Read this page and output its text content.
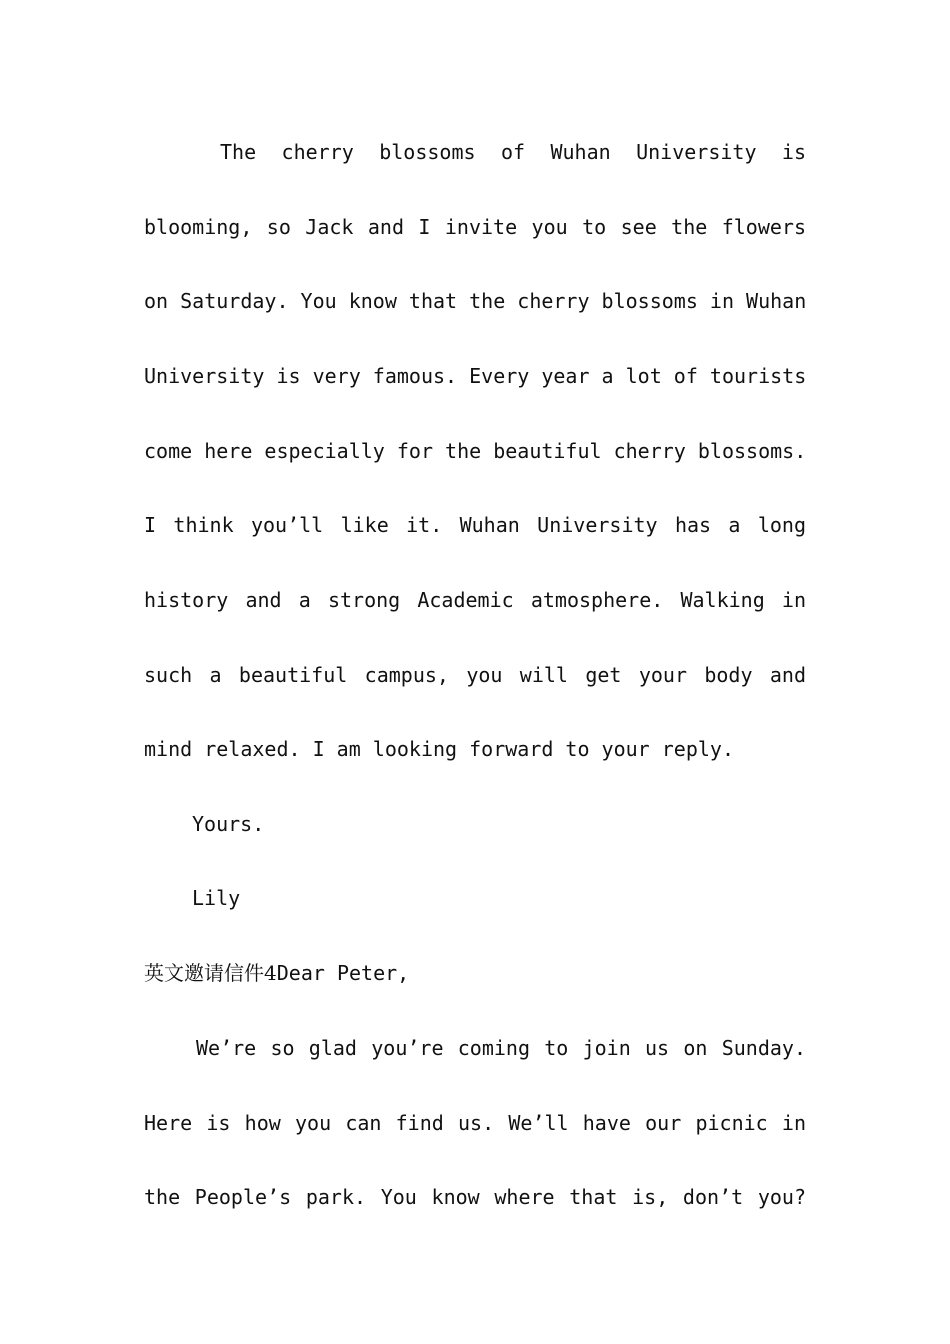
The cherry blossoms of Wuhan University is
blooming, so Jack and I invite you to see the flowers
on Saturday. You know that the cherry blossoms in Wuhan
University is very famous. Every year a lot of tourists
come here especially for the beautiful cherry blossoms.
I think you’ll like it. Wuhan University has a long
history and a strong Academic atmosphere. Walking in
such a beautiful campus, you will get your body and
mind relaxed. I am looking forward to your reply.
Yours.
Lily
英文邀请信件4Dear Peter,
We’re so glad you’re coming to join us on Sunday.
Here is how you can find us. We’ll have our picnic in
the People’s park. You know where that is, don’t you?
